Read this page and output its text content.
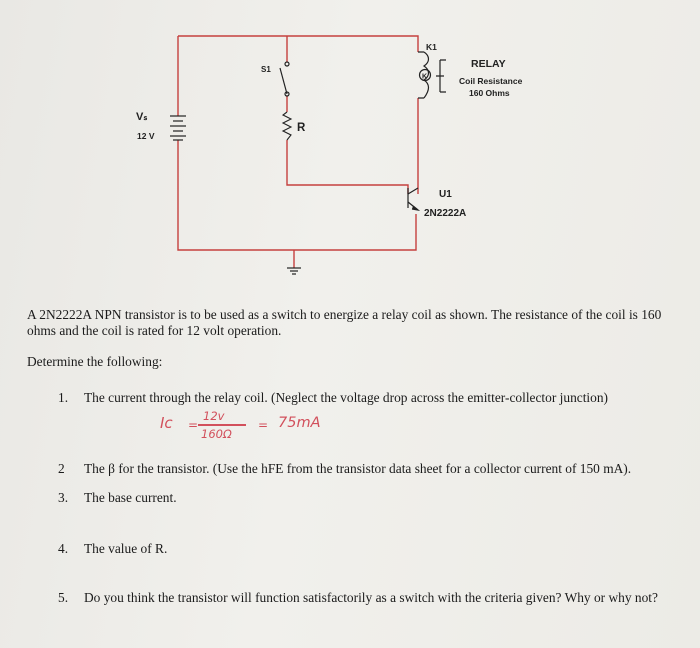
K
Vₛ
12 V
S1
R
K1
RELAY
Coil Resistance
160 Ohms
U1
2N2222A
A 2N2222A NPN transistor is to be used as a switch to energize a relay coil as shown. The resistance of the coil is 160 ohms and the coil is rated for 12 volt operation.
Determine the following:
1. The current through the relay coil. (Neglect the voltage drop across the emitter-collector junction)
Ic =
12v
160Ω
= 75mA
2 The β for the transistor. (Use the hFE from the transistor data sheet for a collector current of 150 mA).
3. The base current.
4. The value of R.
5.	Do you think the transistor will function satisfactorily as a switch with the criteria given? Why or why not?
